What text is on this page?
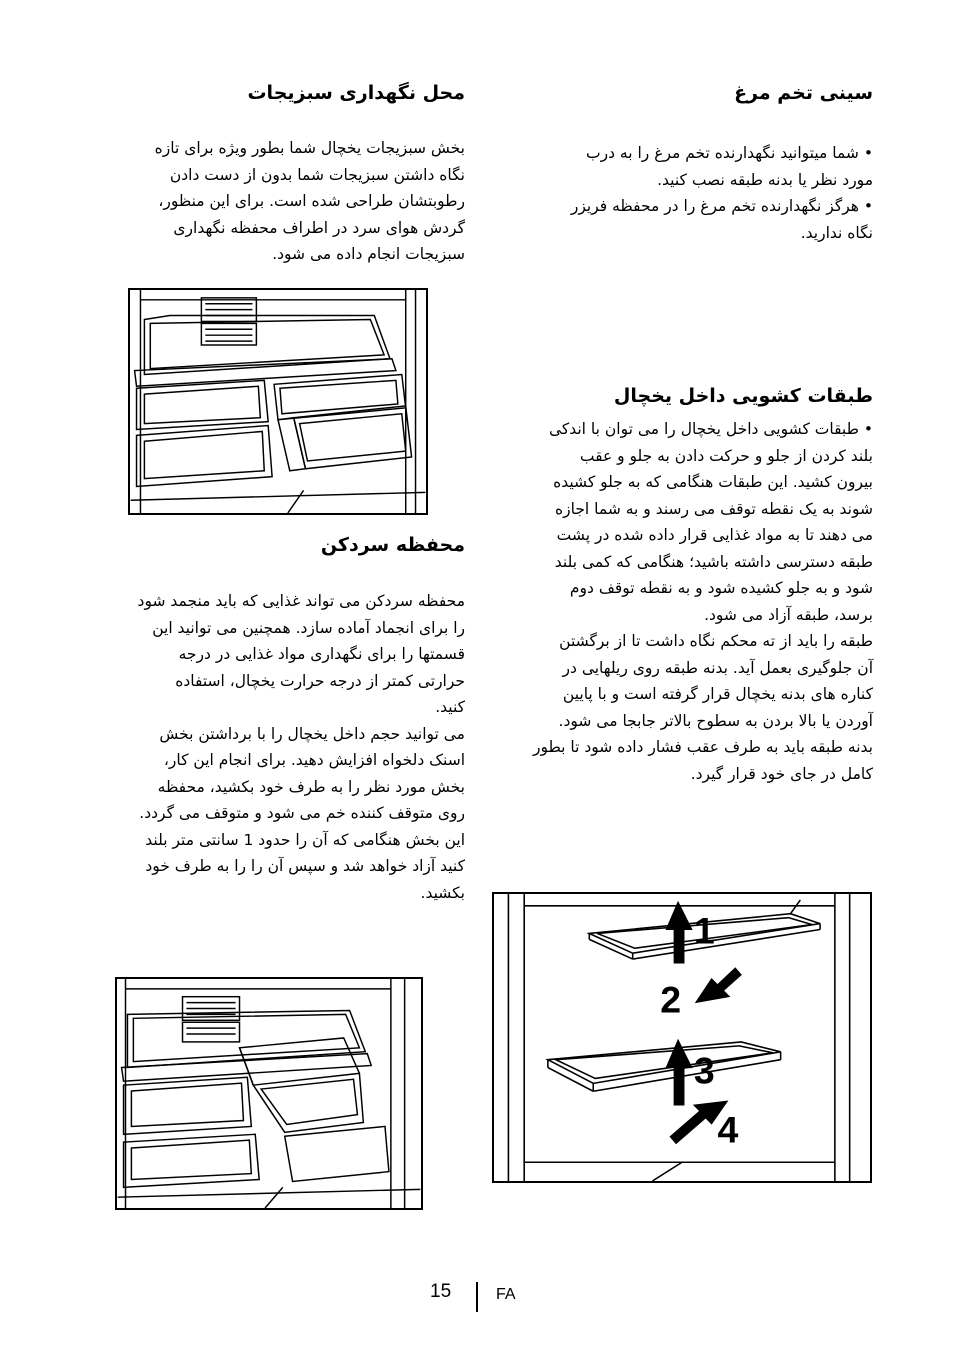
سینی تخم مرغ

• شما میتوانید نگهدارنده تخم مرغ را به درب

مورد نظر یا بدنه طبقه نصب کنید.

• هرگز نگهدارنده تخم مرغ را در محفظه فریزر

نگاه ندارید.

طبقات کشویی داخل یخچال

• طبقات کشویی داخل یخچال را می توان با اندکی

بلند کردن از جلو و حرکت دادن به جلو و عقب

بیرون کشید. این طبقات هنگامی که به جلو کشیده

شوند به یک نقطه توقف می رسند و به شما اجازه

می دهند تا به مواد غذایی قرار داده شده در پشت

طبقه دسترسی داشته باشید؛ هنگامی که کمی بلند

شود و به جلو کشیده شود و به نقطه توقف دوم

برسد، طبقه آزاد می شود.

طبقه را باید از ته محکم نگاه داشت تا از برگشتن

آن جلوگیری بعمل آید. بدنه طبقه روی ریلهایی در

کناره های بدنه یخچال قرار گرفته است و با پایین

آوردن یا بالا بردن به سطوح بالاتر جابجا می شود.

بدنه طبقه باید به طرف عقب فشار داده شود تا بطور

کامل در جای خود قرار گیرد.

1
2
3
4
محل نگهداری سبزیجات

بخش سبزیجات یخچال شما بطور ویژه برای تازه

نگاه داشتن سبزیجات شما بدون از دست دادن

رطوبتشان طراحی شده است. برای این منظور،

گردش هوای سرد در اطراف محفظه نگهداری

سبزیجات انجام داده می شود.

محفظه سردکن

محفظه سردکن می تواند غذایی که باید منجمد شود

را برای انجماد آماده سازد. همچنین می توانید این

قسمتها را برای نگهداری مواد غذایی در درجه

حرارتی کمتر از درجه حرارت یخچال، استفاده

کنید.

می توانید حجم داخل یخچال را با برداشتن بخش

اسنک دلخواه افزایش دهید. برای انجام این کار،

بخش مورد نظر را به طرف خود بکشید، محفظه

روی متوقف کننده خم می شود و متوقف می گردد.

این بخش هنگامی که آن را حدود 1 سانتی متر بلند

کنید آزاد خواهد شد و سپس آن را را به طرف خود

بکشید.

15	FA
